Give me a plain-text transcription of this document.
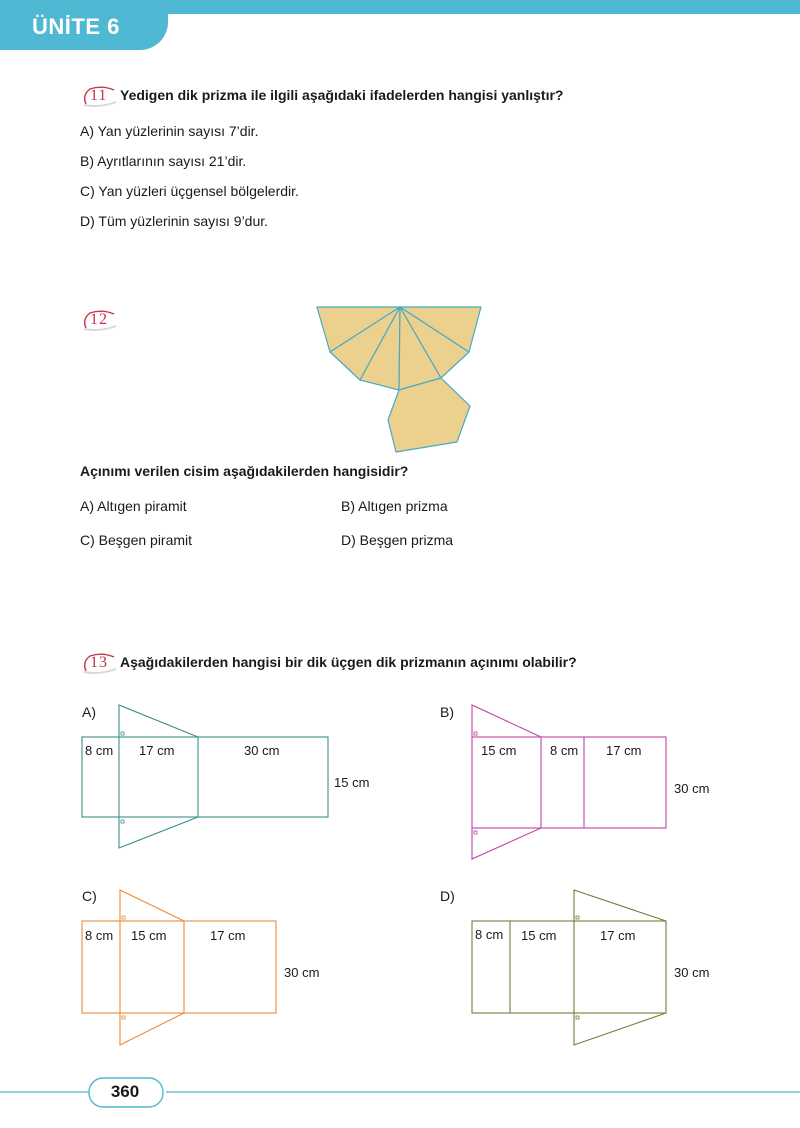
ÜNİTE 6
11 Yedigen dik prizma ile ilgili aşağıdaki ifadelerden hangisi yanlıştır?
A) Yan yüzlerinin sayısı 7’dir.
B) Ayrıtlarının sayısı 21’dir.
C) Yan yüzleri üçgensel bölgelerdir.
D) Tüm yüzlerinin sayısı 9’dur.
12
Açınımı verilen cisim aşağıdakilerden hangisidir?
A) Altıgen piramit	B) Altıgen prizma
C) Beşgen piramit	D) Beşgen prizma
13 Aşağıdakilerden hangisi bir dik üçgen dik prizmanın açınımı olabilir?
A)
8 cm 17 cm	30 cm
15 cm
B)
15 cm	8 cm 17 cm
30 cm
C)
8 cm 15 cm	17 cm
30 cm
D)
8 cm 15 cm	17 cm
30 cm
360
